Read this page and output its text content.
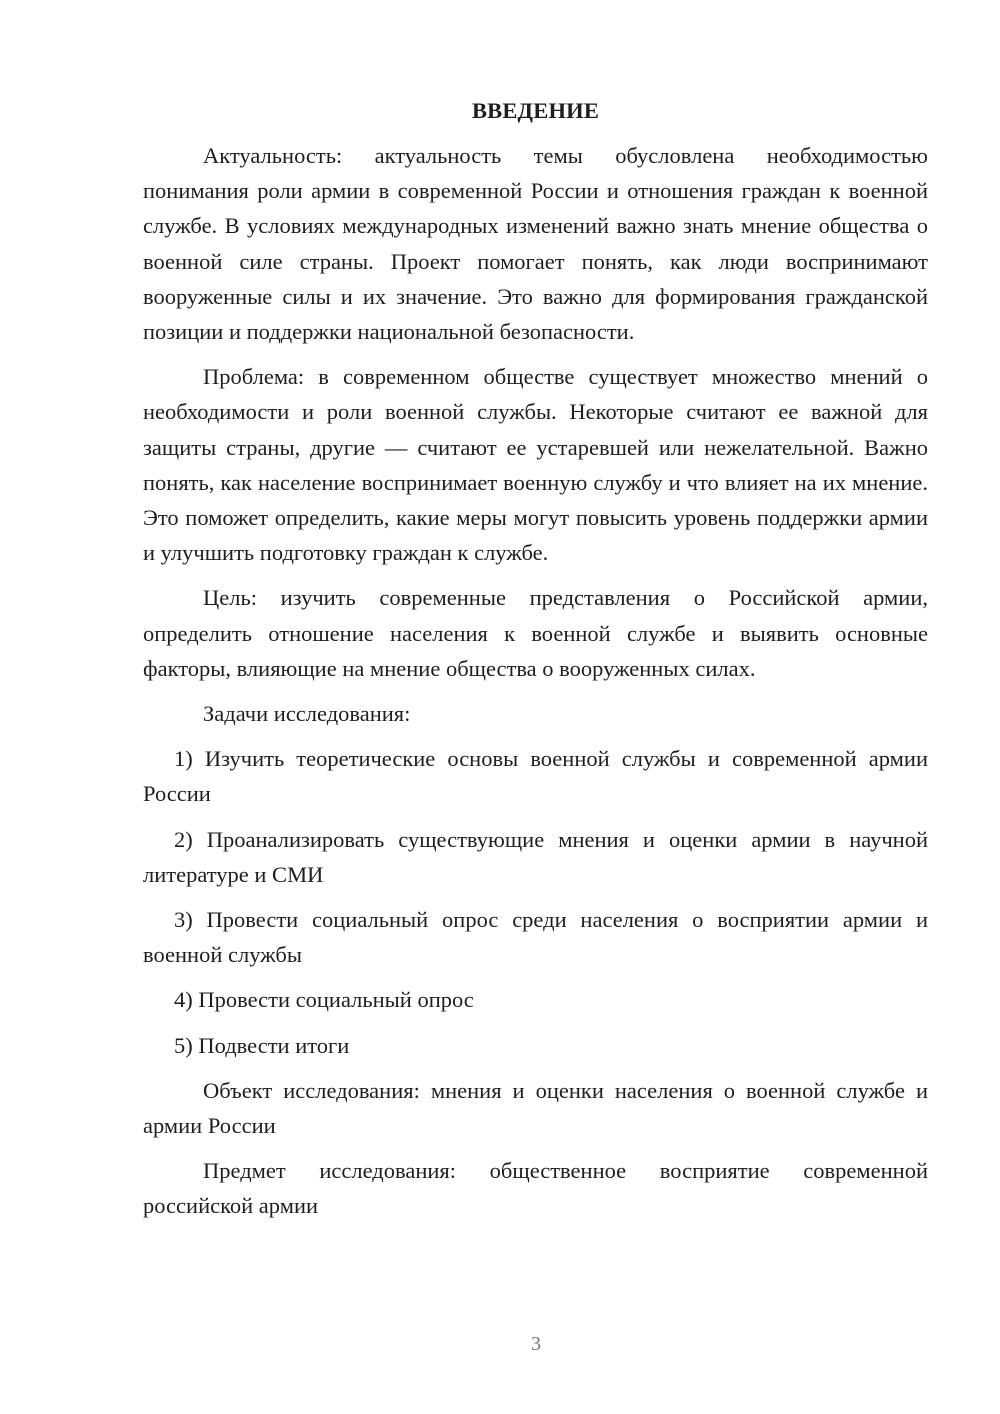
ВВЕДЕНИЕ

Актуальность: актуальность темы обусловлена необходимостью понимания роли армии в современной России и отношения граждан к военной службе. В условиях международных изменений важно знать мнение общества о военной силе страны. Проект помогает понять, как люди воспринимают вооруженные силы и их значение. Это важно для формирования гражданской позиции и поддержки национальной безопасности.

Проблема: в современном обществе существует множество мнений о необходимости и роли военной службы. Некоторые считают ее важной для защиты страны, другие — считают ее устаревшей или нежелательной. Важно понять, как население воспринимает военную службу и что влияет на их мнение. Это поможет определить, какие меры могут повысить уровень поддержки армии и улучшить подготовку граждан к службе.

Цель: изучить современные представления о Российской армии, определить отношение населения к военной службе и выявить основные факторы, влияющие на мнение общества о вооруженных силах.

Задачи исследования:

1) Изучить теоретические основы военной службы и современной армии России

2) Проанализировать существующие мнения и оценки армии в научной литературе и СМИ

3) Провести социальный опрос среди населения о восприятии армии и военной службы

4) Провести социальный опрос

5) Подвести итоги

Объект исследования: мнения и оценки населения о военной службе и армии России

Предмет исследования: общественное восприятие современной российской армии

3
